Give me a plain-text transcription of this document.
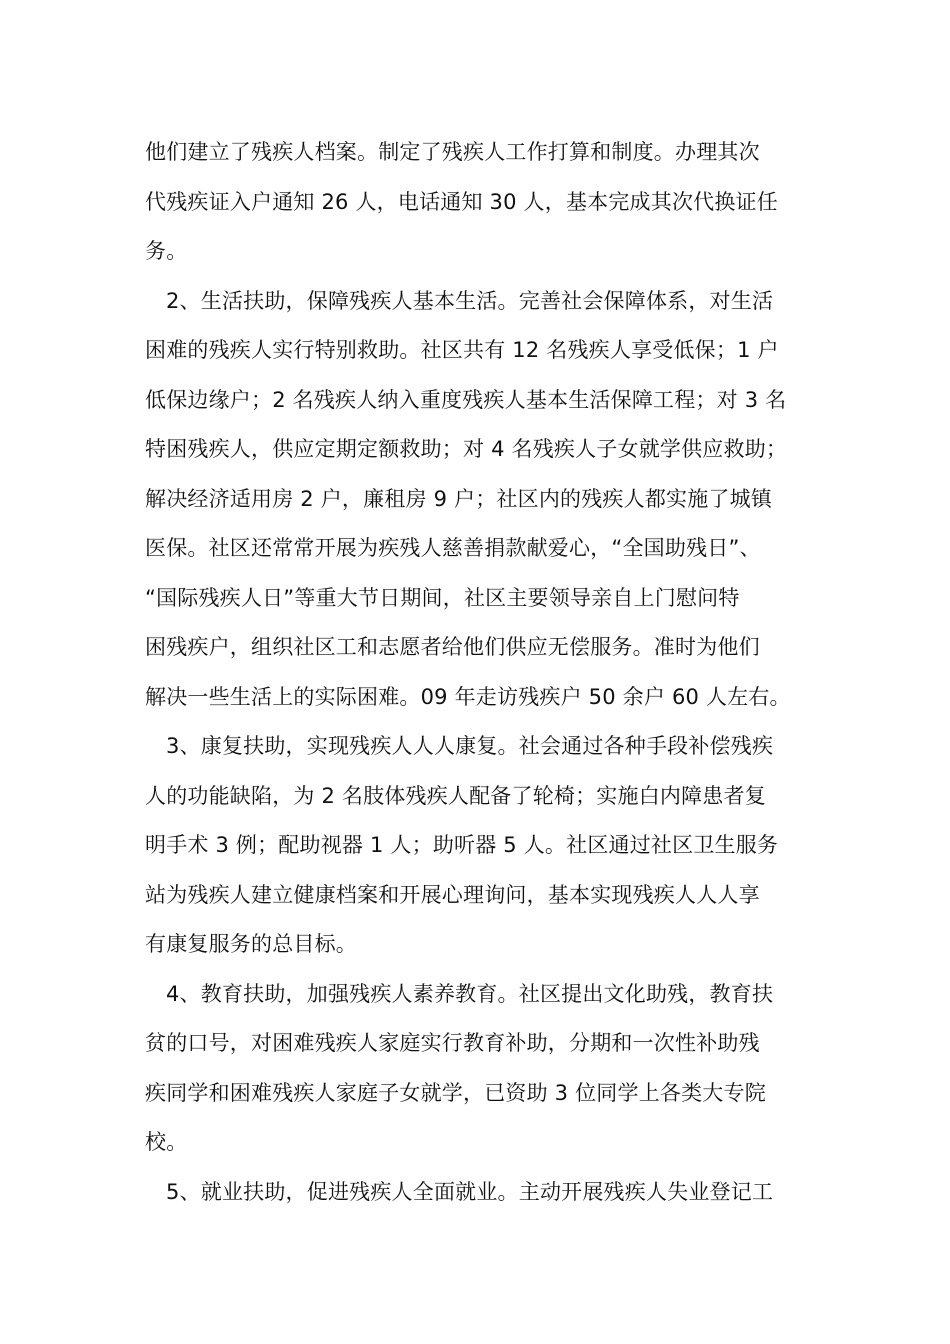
他们建立了残疾人档案。制定了残疾人工作打算和制度。办理其次
代残疾证入户通知 26 人，电话通知 30 人，基本完成其次代换证任
务。
2、生活扶助，保障残疾人基本生活。完善社会保障体系，对生活
困难的残疾人实行特别救助。社区共有 12 名残疾人享受低保；1 户
低保边缘户；2 名残疾人纳入重度残疾人基本生活保障工程；对 3 名
特困残疾人，供应定期定额救助；对 4 名残疾人子女就学供应救助；
解决经济适用房 2 户，廉租房 9 户；社区内的残疾人都实施了城镇
医保。社区还常常开展为疾残人慈善捐款献爱心，“全国助残日”、
“国际残疾人日”等重大节日期间，社区主要领导亲自上门慰问特
困残疾户，组织社区工和志愿者给他们供应无偿服务。准时为他们
解决一些生活上的实际困难。09 年走访残疾户 50 余户 60 人左右。
3、康复扶助，实现残疾人人人康复。社会通过各种手段补偿残疾
人的功能缺陷，为 2 名肢体残疾人配备了轮椅；实施白内障患者复
明手术 3 例；配助视器 1 人；助听器 5 人。社区通过社区卫生服务
站为残疾人建立健康档案和开展心理询问，基本实现残疾人人人享
有康复服务的总目标。
4、教育扶助，加强残疾人素养教育。社区提出文化助残，教育扶
贫的口号，对困难残疾人家庭实行教育补助，分期和一次性补助残
疾同学和困难残疾人家庭子女就学，已资助 3 位同学上各类大专院
校。
5、就业扶助，促进残疾人全面就业。主动开展残疾人失业登记工
